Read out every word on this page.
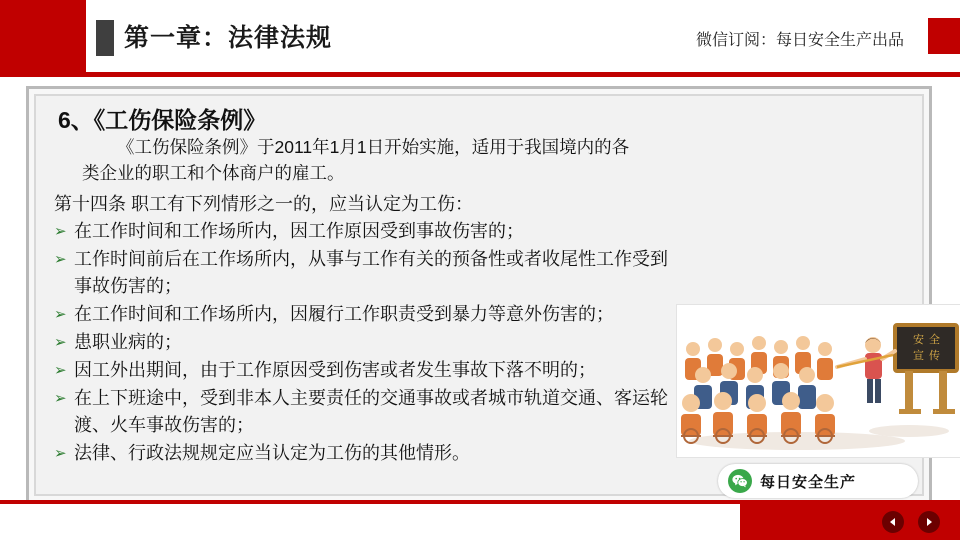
第一章：法律法规	微信订阅：每日安全生产出品
6、《工伤保险条例》
《工伤保险条例》于2011年1月1日开始实施，适用于我国境内的各类企业的职工和个体商户的雇工。
第十四条 职工有下列情形之一的，应当认定为工伤：
➢ 在工作时间和工作场所内，因工作原因受到事故伤害的；
➢ 工作时间前后在工作场所内，从事与工作有关的预备性或者收尾性工作受到事故伤害的；
➢ 在工作时间和工作场所内，因履行工作职责受到暴力等意外伤害的；
➢ 患职业病的；
➢ 因工外出期间，由于工作原因受到伤害或者发生事故下落不明的；
➢ 在上下班途中，受到非本人主要责任的交通事故或者城市轨道交通、客运轮渡、火车事故伤害的；
➢ 法律、行政法规规定应当认定为工伤的其他情形。
安 全
宣 传
每日安全生产
